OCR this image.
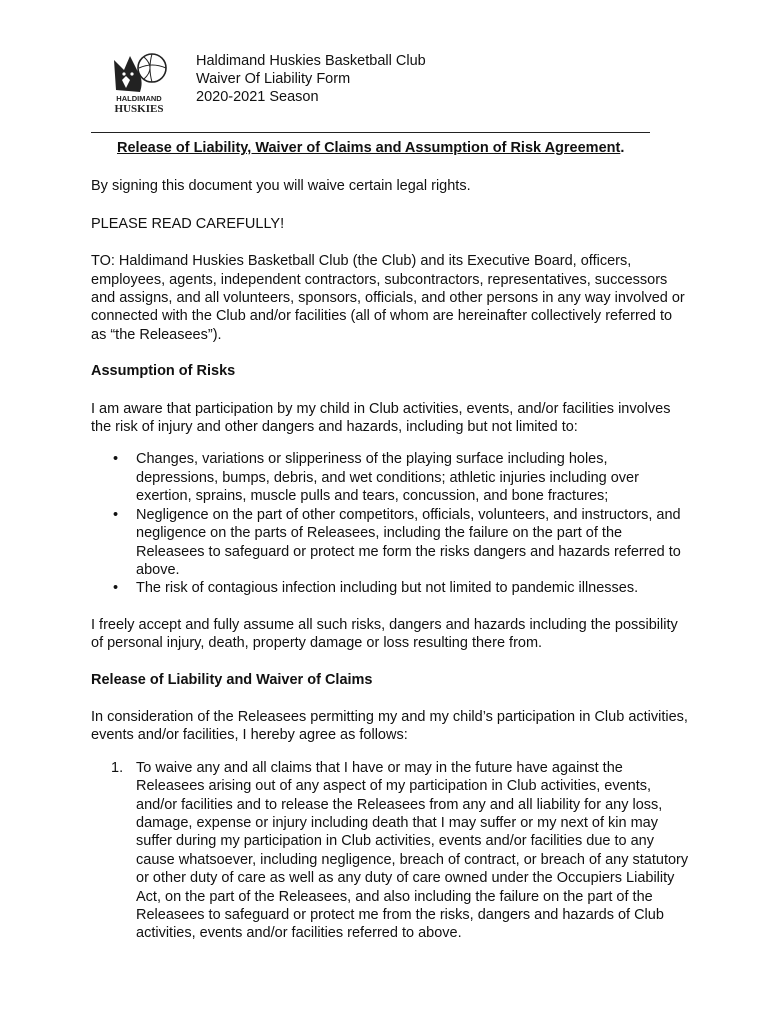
HALDIMAND
HUSKIES
Haldimand Huskies Basketball Club
Waiver Of Liability Form
2020-2021 Season

Release of Liability, Waiver of Claims and Assumption of Risk Agreement.

By signing this document you will waive certain legal rights.

PLEASE READ CAREFULLY!

TO: Haldimand Huskies Basketball Club (the Club) and its Executive Board, officers, employees, agents, independent contractors, subcontractors, representatives, successors and assigns, and all volunteers, sponsors, officials, and other persons in any way involved or connected with the Club and/or facilities (all of whom are hereinafter collectively referred to as “the Releasees”).

Assumption of Risks

I am aware that participation by my child in Club activities, events, and/or facilities involves the risk of injury and other dangers and hazards, including but not limited to:

• Changes, variations or slipperiness of the playing surface including holes, depressions, bumps, debris, and wet conditions; athletic injuries including over exertion, sprains, muscle pulls and tears, concussion, and bone fractures;
• Negligence on the part of other competitors, officials, volunteers, and instructors, and negligence on the parts of Releasees, including the failure on the part of the Releasees to safeguard or protect me form the risks dangers and hazards referred to above.
• The risk of contagious infection including but not limited to pandemic illnesses.

I freely accept and fully assume all such risks, dangers and hazards including the possibility of personal injury, death, property damage or loss resulting there from.

Release of Liability and Waiver of Claims

In consideration of the Releasees permitting my and my child’s participation in Club activities, events and/or facilities, I hereby agree as follows:

1. To waive any and all claims that I have or may in the future have against the Releasees arising out of any aspect of my participation in Club activities, events, and/or facilities and to release the Releasees from any and all liability for any loss, damage, expense or injury including death that I may suffer or my next of kin may suffer during my participation in Club activities, events and/or facilities due to any cause whatsoever, including negligence, breach of contract, or breach of any statutory or other duty of care as well as any duty of care owned under the Occupiers Liability Act, on the part of the Releasees, and also including the failure on the part of the Releasees to safeguard or protect me from the risks, dangers and hazards of Club activities, events and/or facilities referred to above.
